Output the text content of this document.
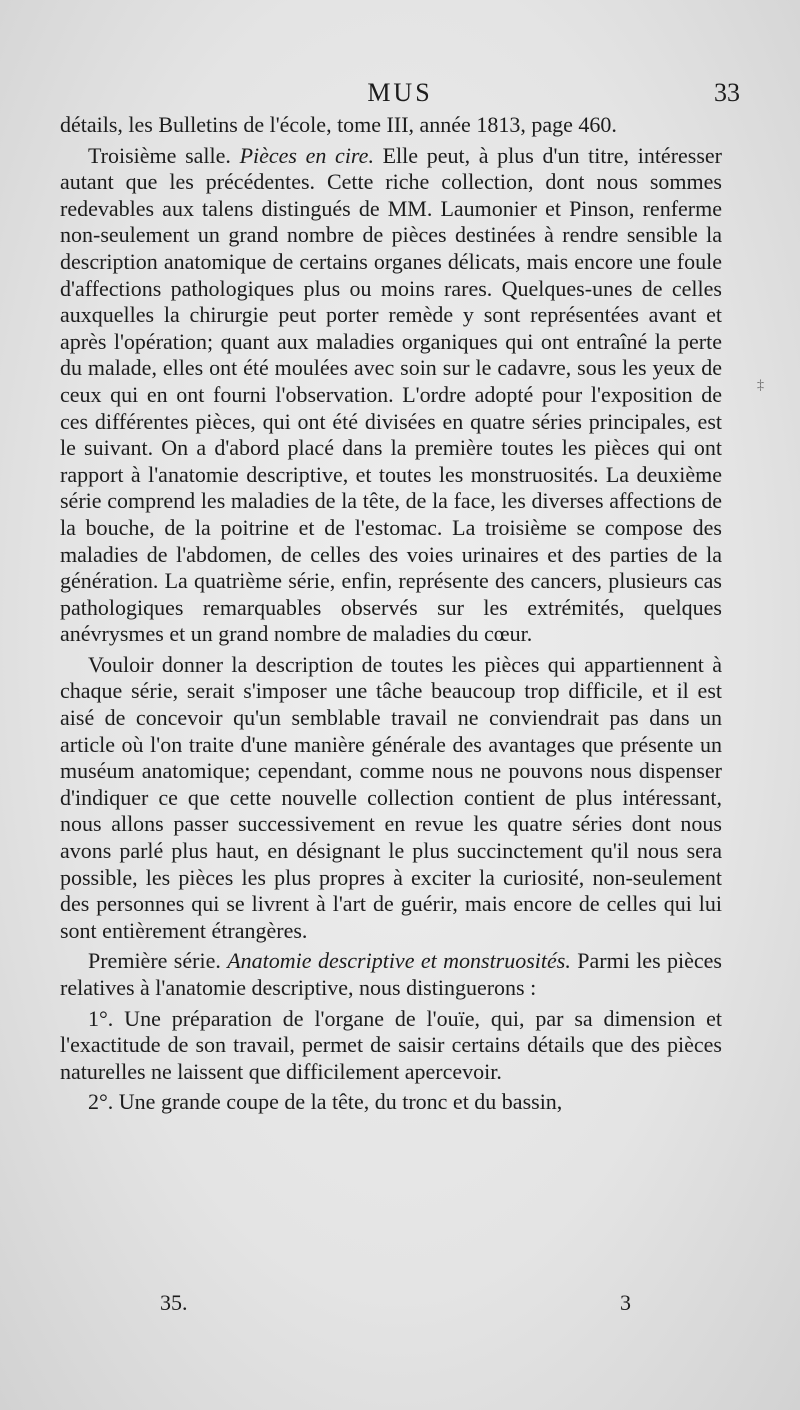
MUS	33

détails, les Bulletins de l'école, tome III, année 1813, page 460.

Troisième salle. Pièces en cire. Elle peut, à plus d'un titre, intéresser autant que les précédentes. Cette riche collection, dont nous sommes redevables aux talens distingués de MM. Laumonier et Pinson, renferme non-seulement un grand nombre de pièces destinées à rendre sensible la description anatomique de certains organes délicats, mais encore une foule d'affections pathologiques plus ou moins rares. Quelques-unes de celles auxquelles la chirurgie peut porter remède y sont représentées avant et après l'opération; quant aux maladies organiques qui ont entraîné la perte du malade, elles ont été moulées avec soin sur le cadavre, sous les yeux de ceux qui en ont fourni l'observation. L'ordre adopté pour l'exposition de ces différentes pièces, qui ont été divisées en quatre séries principales, est le suivant. On a d'abord placé dans la première toutes les pièces qui ont rapport à l'anatomie descriptive, et toutes les monstruosités. La deuxième série comprend les maladies de la tête, de la face, les diverses affections de la bouche, de la poitrine et de l'estomac. La troisième se compose des maladies de l'abdomen, de celles des voies urinaires et des parties de la génération. La quatrième série, enfin, représente des cancers, plusieurs cas pathologiques remarquables observés sur les extrémités, quelques anévrysmes et un grand nombre de maladies du cœur.

Vouloir donner la description de toutes les pièces qui appartiennent à chaque série, serait s'imposer une tâche beaucoup trop difficile, et il est aisé de concevoir qu'un semblable travail ne conviendrait pas dans un article où l'on traite d'une manière générale des avantages que présente un muséum anatomique; cependant, comme nous ne pouvons nous dispenser d'indiquer ce que cette nouvelle collection contient de plus intéressant, nous allons passer successivement en revue les quatre séries dont nous avons parlé plus haut, en désignant le plus succinctement qu'il nous sera possible, les pièces les plus propres à exciter la curiosité, non-seulement des personnes qui se livrent à l'art de guérir, mais encore de celles qui lui sont entièrement étrangères.

Première série. Anatomie descriptive et monstruosités. Parmi les pièces relatives à l'anatomie descriptive, nous distinguerons :

1°. Une préparation de l'organe de l'ouïe, qui, par sa dimension et l'exactitude de son travail, permet de saisir certains détails que des pièces naturelles ne laissent que difficilement apercevoir.

2°. Une grande coupe de la tête, du tronc et du bassin,

‡
35.	3
